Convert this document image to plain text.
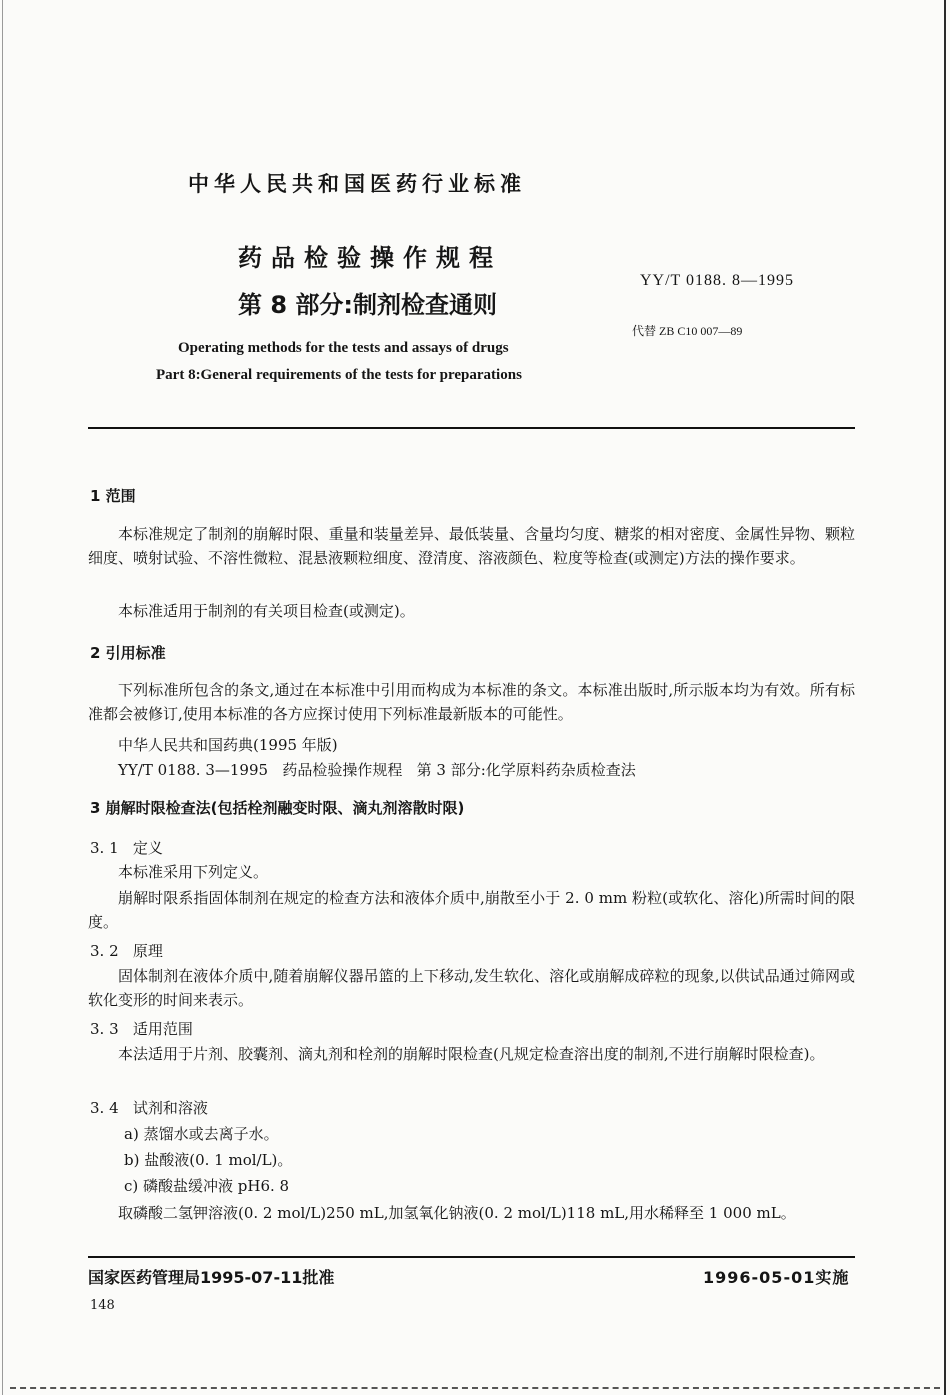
中华人民共和国医药行业标准
药品检验操作规程
第 8 部分:制剂检查通则
YY/T 0188. 8—1995
代替 ZB C10 007—89
Operating methods for the tests and assays of drugs
Part 8:General requirements of the tests for preparations
1 范围
本标准规定了制剂的崩解时限、重量和装量差异、最低装量、含量均匀度、糖浆的相对密度、金属性异物、颗粒细度、喷射试验、不溶性微粒、混悬液颗粒细度、澄清度、溶液颜色、粒度等检查(或测定)方法的操作要求。
本标准适用于制剂的有关项目检查(或测定)。
2 引用标准
下列标准所包含的条文,通过在本标准中引用而构成为本标准的条文。本标准出版时,所示版本均为有效。所有标准都会被修订,使用本标准的各方应探讨使用下列标准最新版本的可能性。
中华人民共和国药典(1995 年版)
YY/T 0188. 3—1995   药品检验操作规程   第 3 部分:化学原料药杂质检查法
3 崩解时限检查法(包括栓剂融变时限、滴丸剂溶散时限)
3. 1   定义
本标准采用下列定义。
崩解时限系指固体制剂在规定的检查方法和液体介质中,崩散至小于 2. 0 mm 粉粒(或软化、溶化)所需时间的限度。
3. 2   原理
固体制剂在液体介质中,随着崩解仪器吊篮的上下移动,发生软化、溶化或崩解成碎粒的现象,以供试品通过筛网或软化变形的时间来表示。
3. 3   适用范围
本法适用于片剂、胶囊剂、滴丸剂和栓剂的崩解时限检查(凡规定检查溶出度的制剂,不进行崩解时限检查)。
3. 4   试剂和溶液
a) 蒸馏水或去离子水。
b) 盐酸液(0. 1 mol/L)。
c) 磷酸盐缓冲液 pH6. 8
取磷酸二氢钾溶液(0. 2 mol/L)250 mL,加氢氧化钠液(0. 2 mol/L)118 mL,用水稀释至 1 000 mL。
国家医药管理局1995-07-11批准	1996-05-01实施
148
